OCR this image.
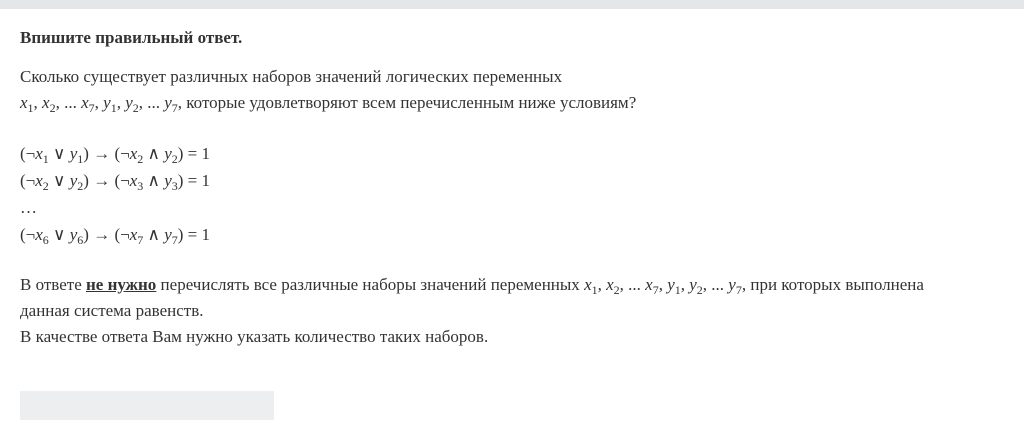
Впишите правильный ответ.

Сколько существует различных наборов значений логических переменных
$x_1$, $x_2$, ... $x_7$, $y_1$, $y_2$, ... $y_7$, которые удовлетворяют всем перечисленным ниже условиям?
($\neg x_1$ ∨ $y_1$) → ($\neg x_2$ ∧ $y_2) = 1$
($\neg x_2$ ∨ $y_2$) → ($\neg x_3$ ∧ $y_3) = 1$
…
($\neg x_6$ ∨ $y_6$) → ($\neg x_7$ ∧ $y_7) = 1$
В ответе не нужно перечислять все различные наборы значений переменных $x_1$, $x_2$, ... $x_7$, $y_1$, $y_2$, ... $y_7$, при которых выполнена
данная система равенств.
В качестве ответа Вам нужно указать количество таких наборов.
